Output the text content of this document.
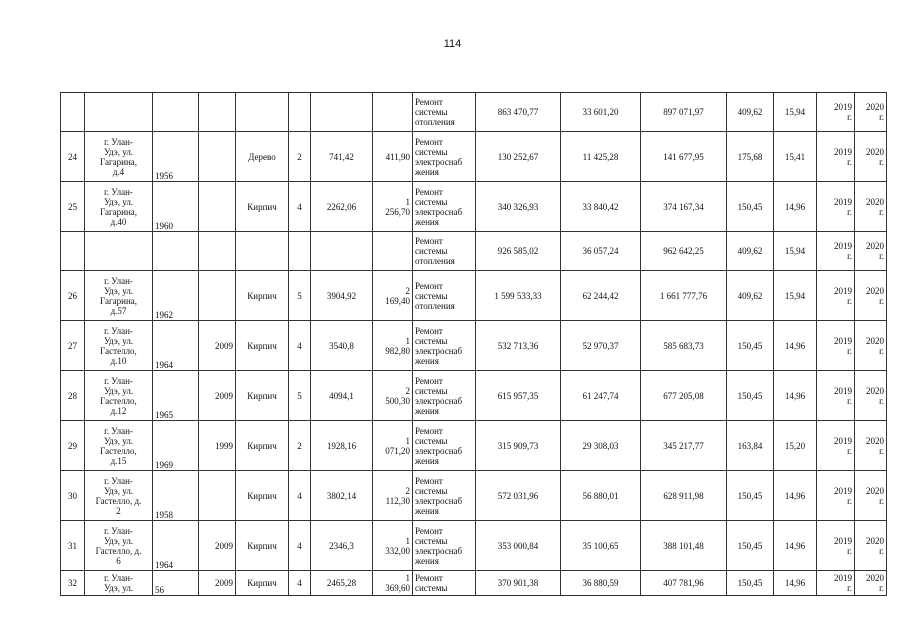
114
								Ремонт
системы
отопления	863 470,77	33 601,20	897 071,97	409,62	15,94	2019
г.	2020
г.
24	г. Улан-
Удэ, ул.
Гагарина,
д.4	1956		Дерево	2	741,42	411,90	Ремонт
системы
электроснаб
жения	130 252,67	11 425,28	141 677,95	175,68	15,41	2019
г.	2020
г.
25	г. Улан-
Удэ, ул.
Гагарина,
д.40	1960		Кирпич	4	2262,06	1
256,70	Ремонт
системы
электроснаб
жения	340 326,93	33 840,42	374 167,34	150,45	14,96	2019
г.	2020
г.
								Ремонт
системы
отопления	926 585,02	36 057,24	962 642,25	409,62	15,94	2019
г.	2020
г.
26	г. Улан-
Удэ, ул.
Гагарина,
д.57	1962		Кирпич	5	3904,92	2
169,40	Ремонт
системы
отопления	1 599 533,33	62 244,42	1 661 777,76	409,62	15,94	2019
г.	2020
г.
27	г. Улан-
Удэ, ул.
Гастелло,
д.10	1964	2009	Кирпич	4	3540,8	1
982,80	Ремонт
системы
электроснаб
жения	532 713,36	52 970,37	585 683,73	150,45	14,96	2019
г.	2020
г.
28	г. Улан-
Удэ, ул.
Гастелло,
д.12	1965	2009	Кирпич	5	4094,1	2
500,30	Ремонт
системы
электроснаб
жения	615 957,35	61 247,74	677 205,08	150,45	14,96	2019
г.	2020
г.
29	г. Улан-
Удэ, ул.
Гастелло,
д.15	1969	1999	Кирпич	2	1928,16	1
071,20	Ремонт
системы
электроснаб
жения	315 909,73	29 308,03	345 217,77	163,84	15,20	2019
г.	2020
г.
30	г. Улан-
Удэ, ул.
Гастелло, д.
2	1958		Кирпич	4	3802,14	2
112,30	Ремонт
системы
электроснаб
жения	572 031,96	56 880,01	628 911,98	150,45	14,96	2019
г.	2020
г.
31	г. Улан-
Удэ, ул.
Гастелло, д.
6	1964	2009	Кирпич	4	2346,3	1
332,00	Ремонт
системы
электроснаб
жения	353 000,84	35 100,65	388 101,48	150,45	14,96	2019
г.	2020
г.
32	г. Улан-
Удэ, ул.	56	2009	Кирпич	4	2465,28	1
369,60	Ремонт
системы	370 901,38	36 880,59	407 781,96	150,45	14,96	2019
г.	2020
г.
